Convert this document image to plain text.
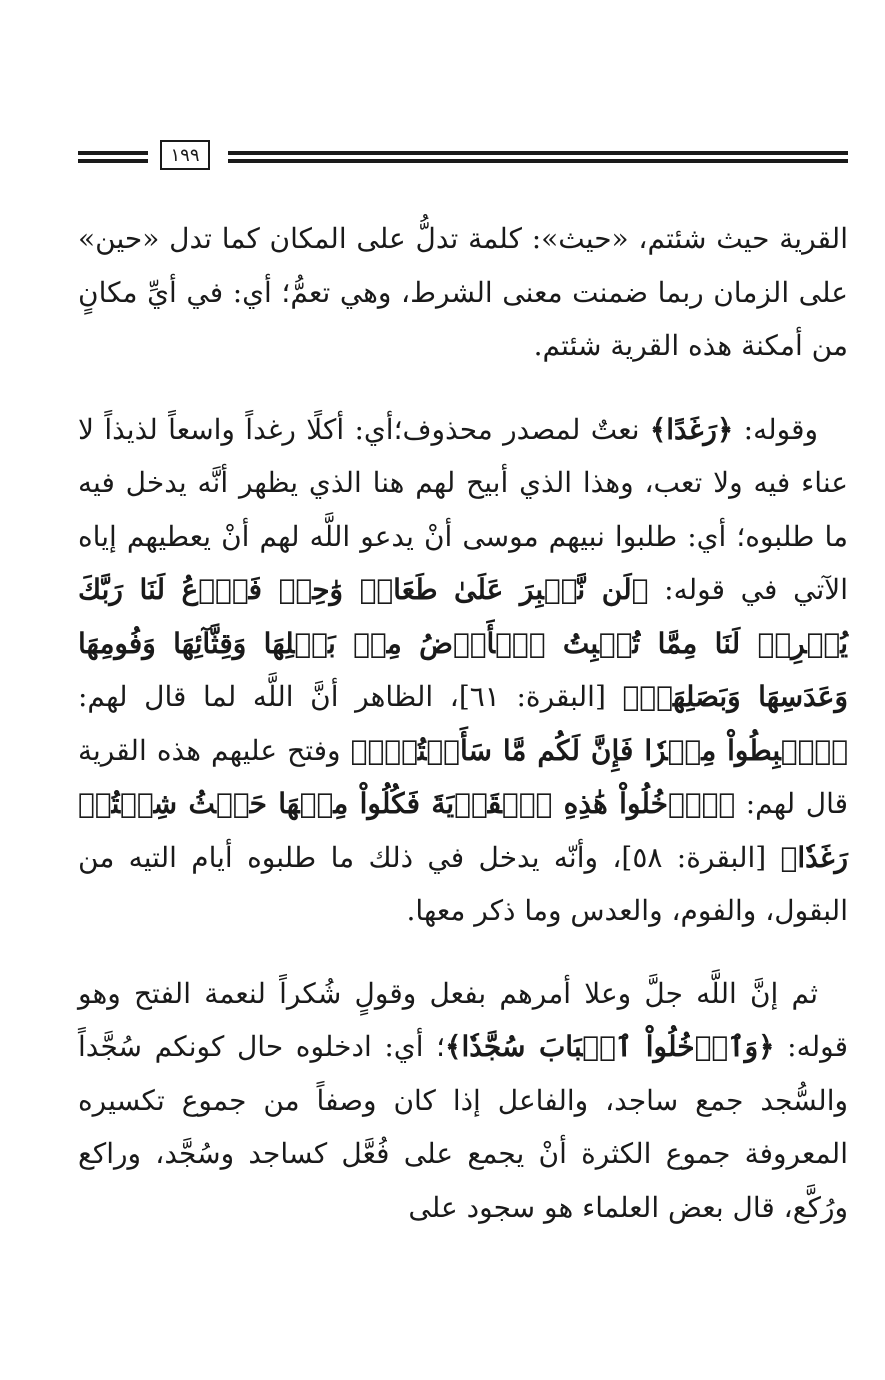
١٩٩

القرية حيث شئتم، «حيث»: كلمة تدلُّ على المكان كما تدل «حين» على الزمان ربما ضمنت معنى الشرط، وهي تعمُّ؛ أي: في أيِّ مكانٍ من أمكنة هذه القرية شئتم.

وقوله: ﴿رَغَدًا﴾ نعتٌ لمصدر محذوف؛أي: أكلًا رغداً واسعاً لذيذاً لا عناء فيه ولا تعب، وهذا الذي أبيح لهم هنا الذي يظهر أنَّه يدخل فيه ما طلبوه؛ أي: طلبوا نبيهم موسى أنْ يدعو اللَّه لهم أنْ يعطيهم إياه الآتي في قوله: ﴿لَن نَّصۡبِرَ عَلَىٰ طَعَامٖ وَٰحِدٖ فَٱدۡعُ لَنَا رَبَّكَ يُخۡرِجۡ لَنَا مِمَّا تُنۢبِتُ ٱلۡأَرۡضُ مِنۢ بَقۡلِهَا وَقِثَّآئِهَا وَفُومِهَا وَعَدَسِهَا وَبَصَلِهَاۖ﴾ [البقرة: ٦١]، الظاهر أنَّ اللَّه لما قال لهم: ﴿ٱهۡبِطُواْ مِصۡرٗا فَإِنَّ لَكُم مَّا سَأَلۡتُمۡۗ﴾ وفتح عليهم هذه القرية قال لهم: ﴿ٱدۡخُلُواْ هَٰذِهِ ٱلۡقَرۡيَةَ فَكُلُواْ مِنۡهَا حَيۡثُ شِئۡتُمۡ رَغَدٗا﴾ [البقرة: ٥٨]، وأنّه يدخل في ذلك ما طلبوه أيام التيه من البقول، والفوم، والعدس وما ذكر معها.

ثم إنَّ اللَّه جلَّ وعلا أمرهم بفعل وقولٍ شُكراً لنعمة الفتح وهو قوله: ﴿وَٱدۡخُلُواْ ٱلۡبَابَ سُجَّدٗا﴾؛ أي: ادخلوه حال كونكم سُجَّداً والسُّجد جمع ساجد، والفاعل إذا كان وصفاً من جموع تكسيره المعروفة جموع الكثرة أنْ يجمع على فُعَّل كساجد وسُجَّد، وراكع ورُكَّع، قال بعض العلماء هو سجود على
